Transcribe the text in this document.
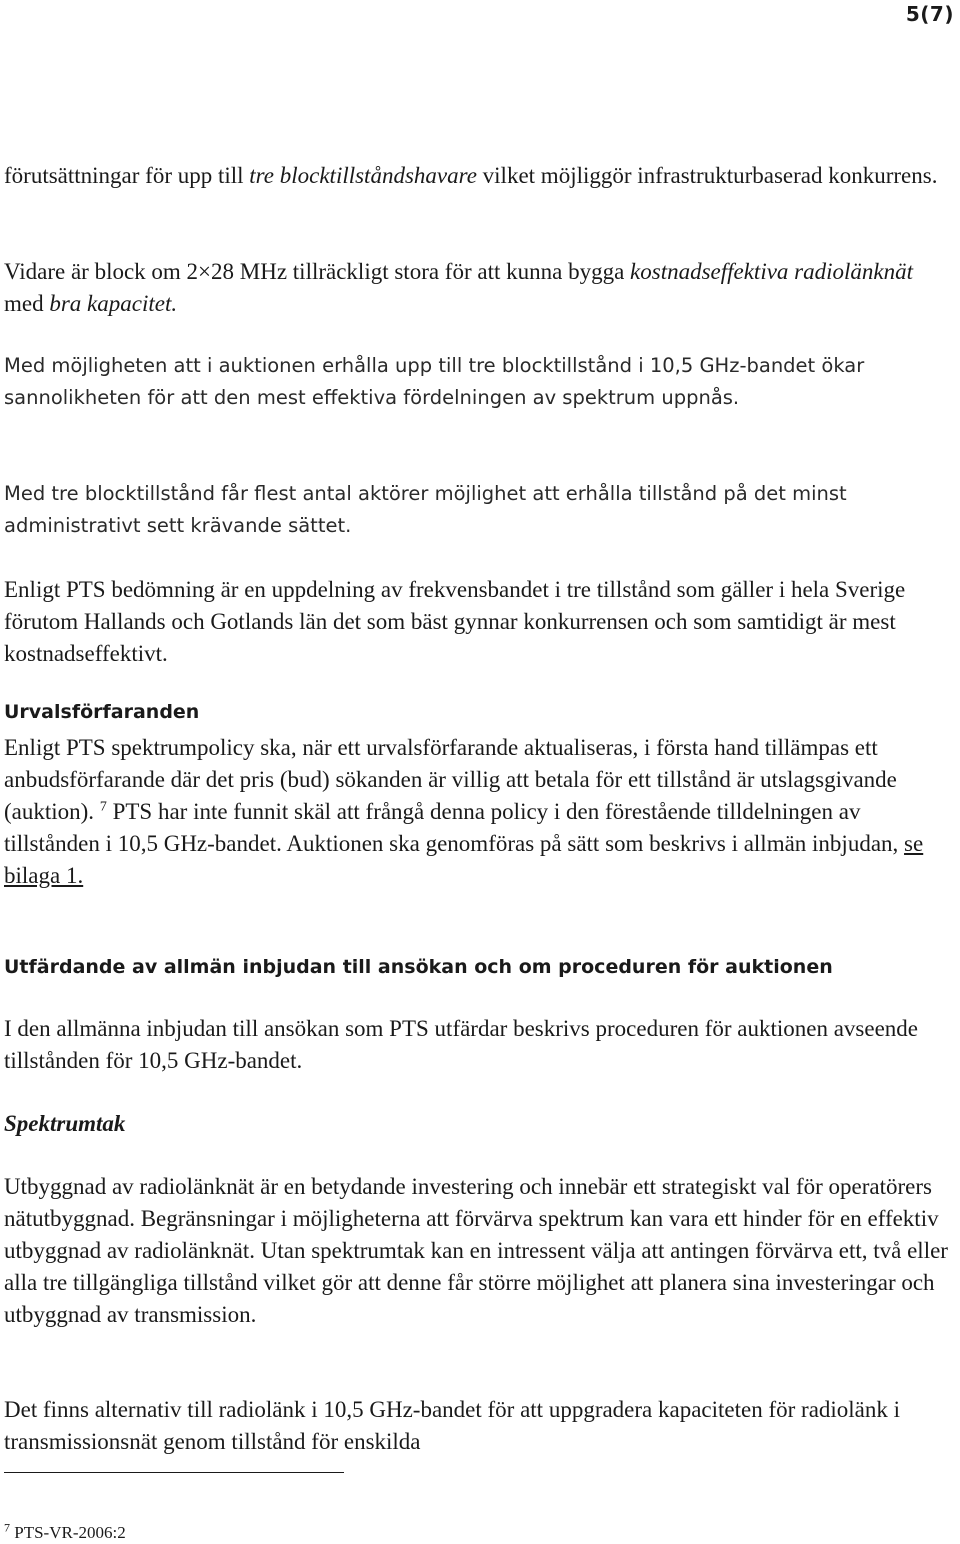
5(7)

förutsättningar för upp till tre blocktillståndshavare vilket möjliggör infrastrukturbaserad konkurrens.

Vidare är block om 2×28 MHz tillräckligt stora för att kunna bygga kostnadseffektiva radiolänknät med bra kapacitet.

Med möjligheten att i auktionen erhålla upp till tre blocktillstånd i 10,5 GHz-bandet ökar sannolikheten för att den mest effektiva fördelningen av spektrum uppnås.

Med tre blocktillstånd får flest antal aktörer möjlighet att erhålla tillstånd på det minst administrativt sett krävande sättet.

Enligt PTS bedömning är en uppdelning av frekvensbandet i tre tillstånd som gäller i hela Sverige förutom Hallands och Gotlands län det som bäst gynnar konkurrensen och som samtidigt är mest kostnadseffektivt.

Urvalsförfaranden

Enligt PTS spektrumpolicy ska, när ett urvalsförfarande aktualiseras, i första hand tillämpas ett anbudsförfarande där det pris (bud) sökanden är villig att betala för ett tillstånd är utslagsgivande (auktion). $^7$ PTS har inte funnit skäl att frångå denna policy i den förestående tilldelningen av tillstånden i 10,5 GHz-bandet. Auktionen ska genomföras på sätt som beskrivs i allmän inbjudan, se bilaga 1.

Utfärdande av allmän inbjudan till ansökan och om proceduren för auktionen

I den allmänna inbjudan till ansökan som PTS utfärdar beskrivs proceduren för auktionen avseende tillstånden för 10,5 GHz-bandet.

Spektrumtak

Utbyggnad av radiolänknät är en betydande investering och innebär ett strategiskt val för operatörers nätutbyggnad. Begränsningar i möjligheterna att förvärva spektrum kan vara ett hinder för en effektiv utbyggnad av radiolänknät. Utan spektrumtak kan en intressent välja att antingen förvärva ett, två eller alla tre tillgängliga tillstånd vilket gör att denne får större möjlighet att planera sina investeringar och utbyggnad av transmission.

Det finns alternativ till radiolänk i 10,5 GHz-bandet för att uppgradera kapaciteten för radiolänk i transmissionsnät genom tillstånd för enskilda

$^7$ PTS-VR-2006:2
